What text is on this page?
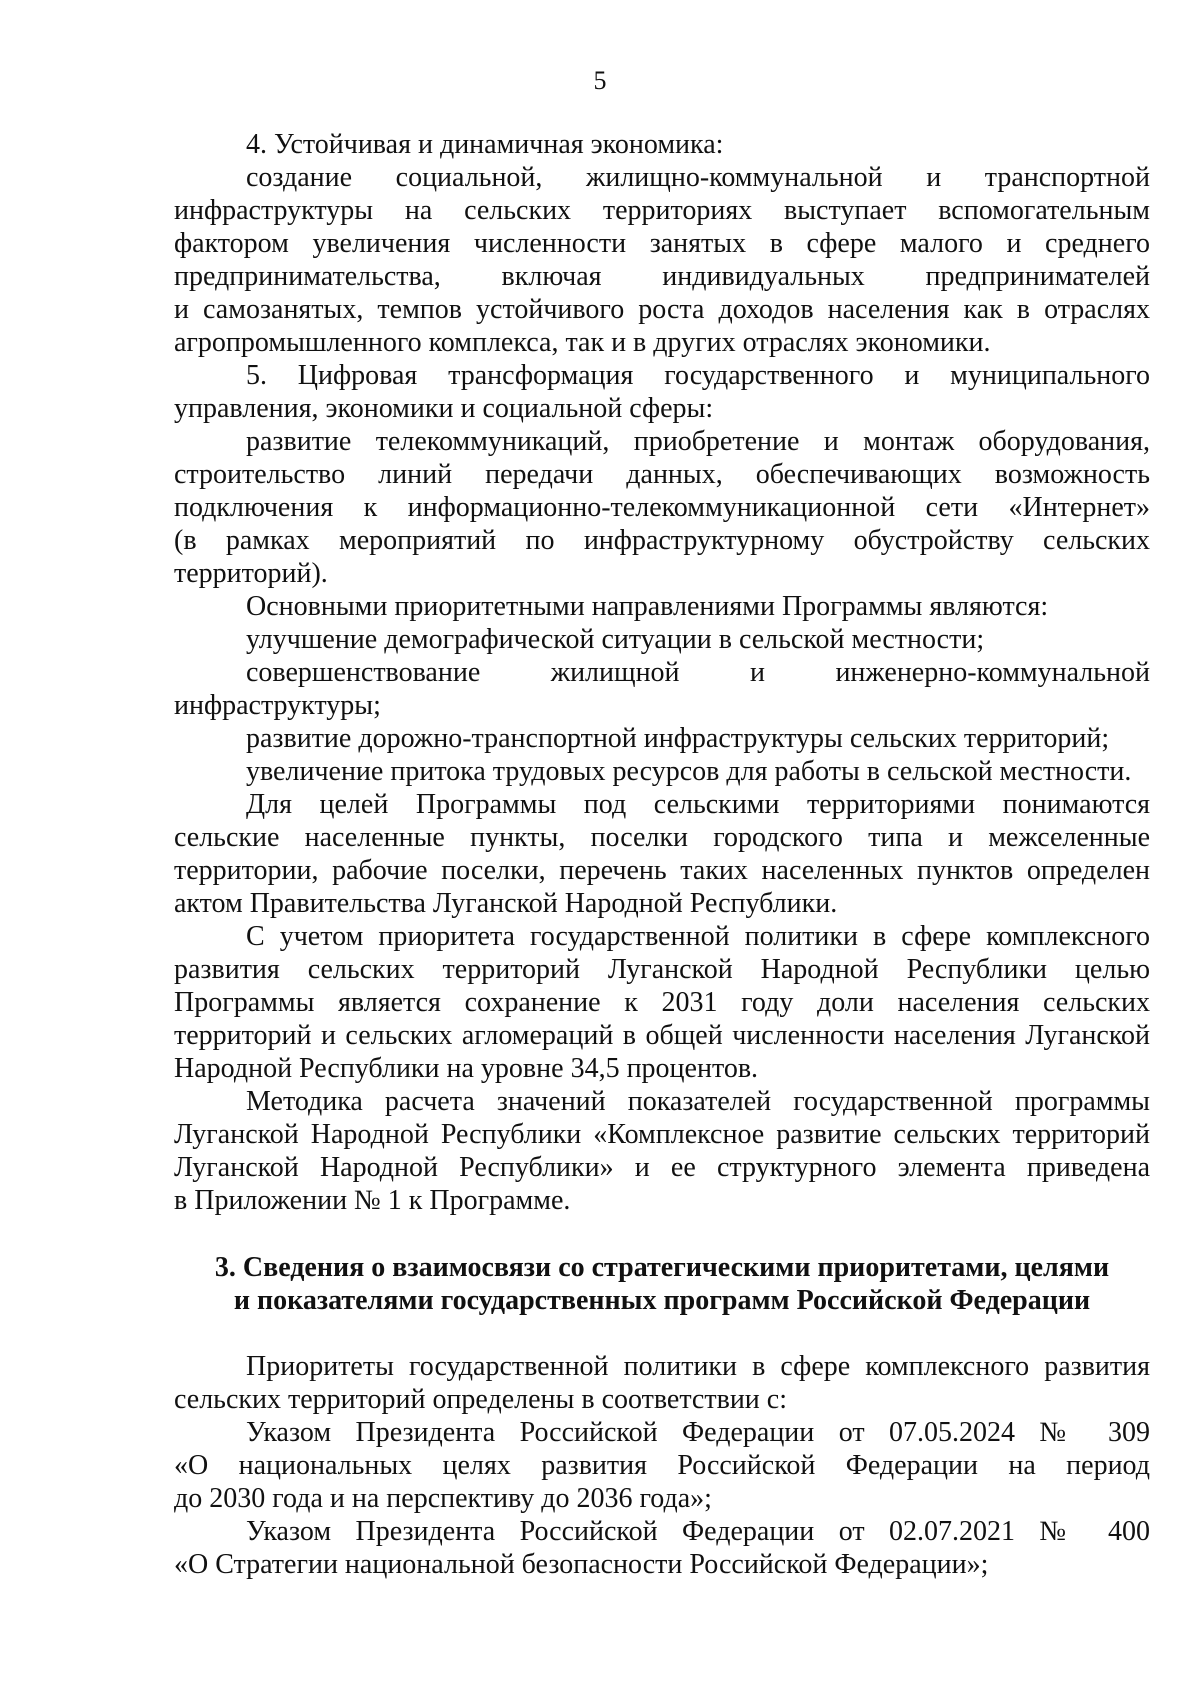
5
4. Устойчивая и динамичная экономика:
создание социальной, жилищно-коммунальной и транспортной
инфраструктуры на сельских территориях выступает вспомогательным
фактором увеличения численности занятых в сфере малого и среднего
предпринимательства, включая индивидуальных предпринимателей
и самозанятых, темпов устойчивого роста доходов населения как в отраслях
агропромышленного комплекса, так и в других отраслях экономики.
5. Цифровая трансформация государственного и муниципального
управления, экономики и социальной сферы:
развитие телекоммуникаций, приобретение и монтаж оборудования,
строительство линий передачи данных, обеспечивающих возможность
подключения к информационно-телекоммуникационной сети «Интернет»
(в рамках мероприятий по инфраструктурному обустройству сельских
территорий).
Основными приоритетными направлениями Программы являются:
улучшение демографической ситуации в сельской местности;
совершенствование жилищной и инженерно-коммунальной
инфраструктуры;
развитие дорожно-транспортной инфраструктуры сельских территорий;
увеличение притока трудовых ресурсов для работы в сельской местности.
Для целей Программы под сельскими территориями понимаются
сельские населенные пункты, поселки городского типа и межселенные
территории, рабочие поселки, перечень таких населенных пунктов определен
актом Правительства Луганской Народной Республики.
С учетом приоритета государственной политики в сфере комплексного
развития сельских территорий Луганской Народной Республики целью
Программы является сохранение к 2031 году доли населения сельских
территорий и сельских агломераций в общей численности населения Луганской
Народной Республики на уровне 34,5 процентов.
Методика расчета значений показателей государственной программы
Луганской Народной Республики «Комплексное развитие сельских территорий
Луганской Народной Республики» и ее структурного элемента приведена
в Приложении № 1 к Программе.
3. Сведения о взаимосвязи со стратегическими приоритетами, целями
и показателями государственных программ Российской Федерации
Приоритеты государственной политики в сфере комплексного развития
сельских территорий определены в соответствии с:
Указом Президента Российской Федерации от 07.05.2024 № 309
«О национальных целях развития Российской Федерации на период
до 2030 года и на перспективу до 2036 года»;
Указом Президента Российской Федерации от 02.07.2021 № 400
«О Стратегии национальной безопасности Российской Федерации»;
